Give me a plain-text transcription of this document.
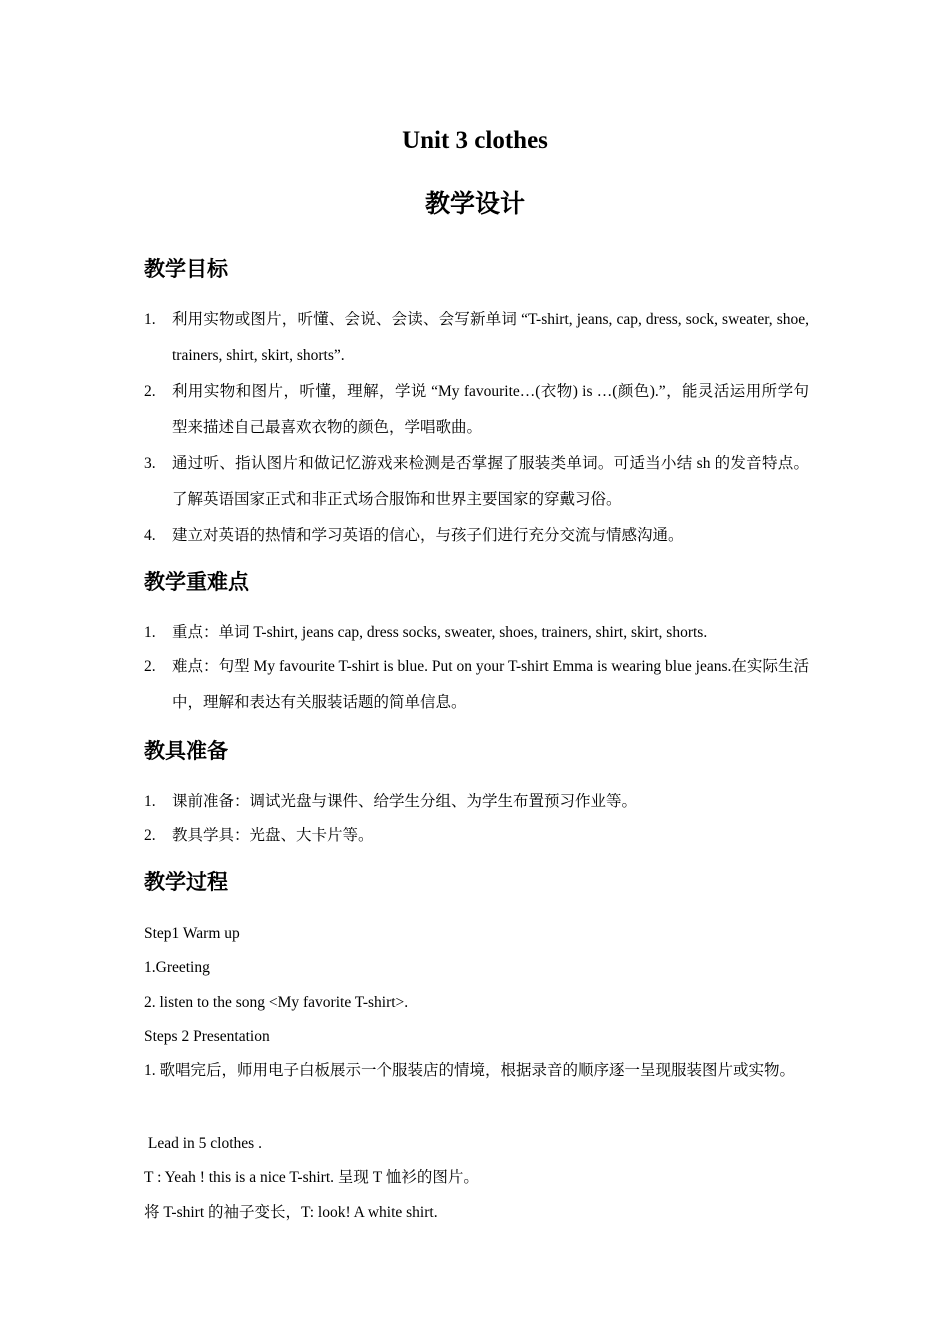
Unit 3 clothes
教学设计
教学目标
1. 利用实物或图片，听懂、会说、会读、会写新单词 “T-shirt, jeans, cap, dress, sock, sweater, shoe, trainers, shirt, skirt, shorts”.
2. 利用实物和图片，听懂，理解，学说 “My favourite…(衣物) is …(颜色).”，能灵活运用所学句型来描述自己最喜欢衣物的颜色，学唱歌曲。
3. 通过听、指认图片和做记忆游戏来检测是否掌握了服装类单词。可适当小结 sh 的发音特点。了解英语国家正式和非正式场合服饰和世界主要国家的穿戴习俗。
4. 建立对英语的热情和学习英语的信心，与孩子们进行充分交流与情感沟通。
教学重难点
1. 重点：单词 T-shirt, jeans cap, dress socks, sweater, shoes, trainers, shirt, skirt, shorts.
2. 难点：句型 My favourite T-shirt is blue. Put on your T-shirt Emma is wearing blue jeans.在实际生活中，理解和表达有关服装话题的简单信息。
教具准备
1. 课前准备：调试光盘与课件、给学生分组、为学生布置预习作业等。
2. 教具学具：光盘、大卡片等。
教学过程
Step1 Warm up
1.Greeting
2. listen to the song <My favorite T-shirt>.
Steps 2 Presentation
1. 歌唱完后，师用电子白板展示一个服装店的情境，根据录音的顺序逐一呈现服装图片或实物。
Lead in 5 clothes .
T : Yeah ! this is a nice T-shirt. 呈现 T 恤衫的图片。
将 T-shirt 的袖子变长，T: look! A white shirt.
